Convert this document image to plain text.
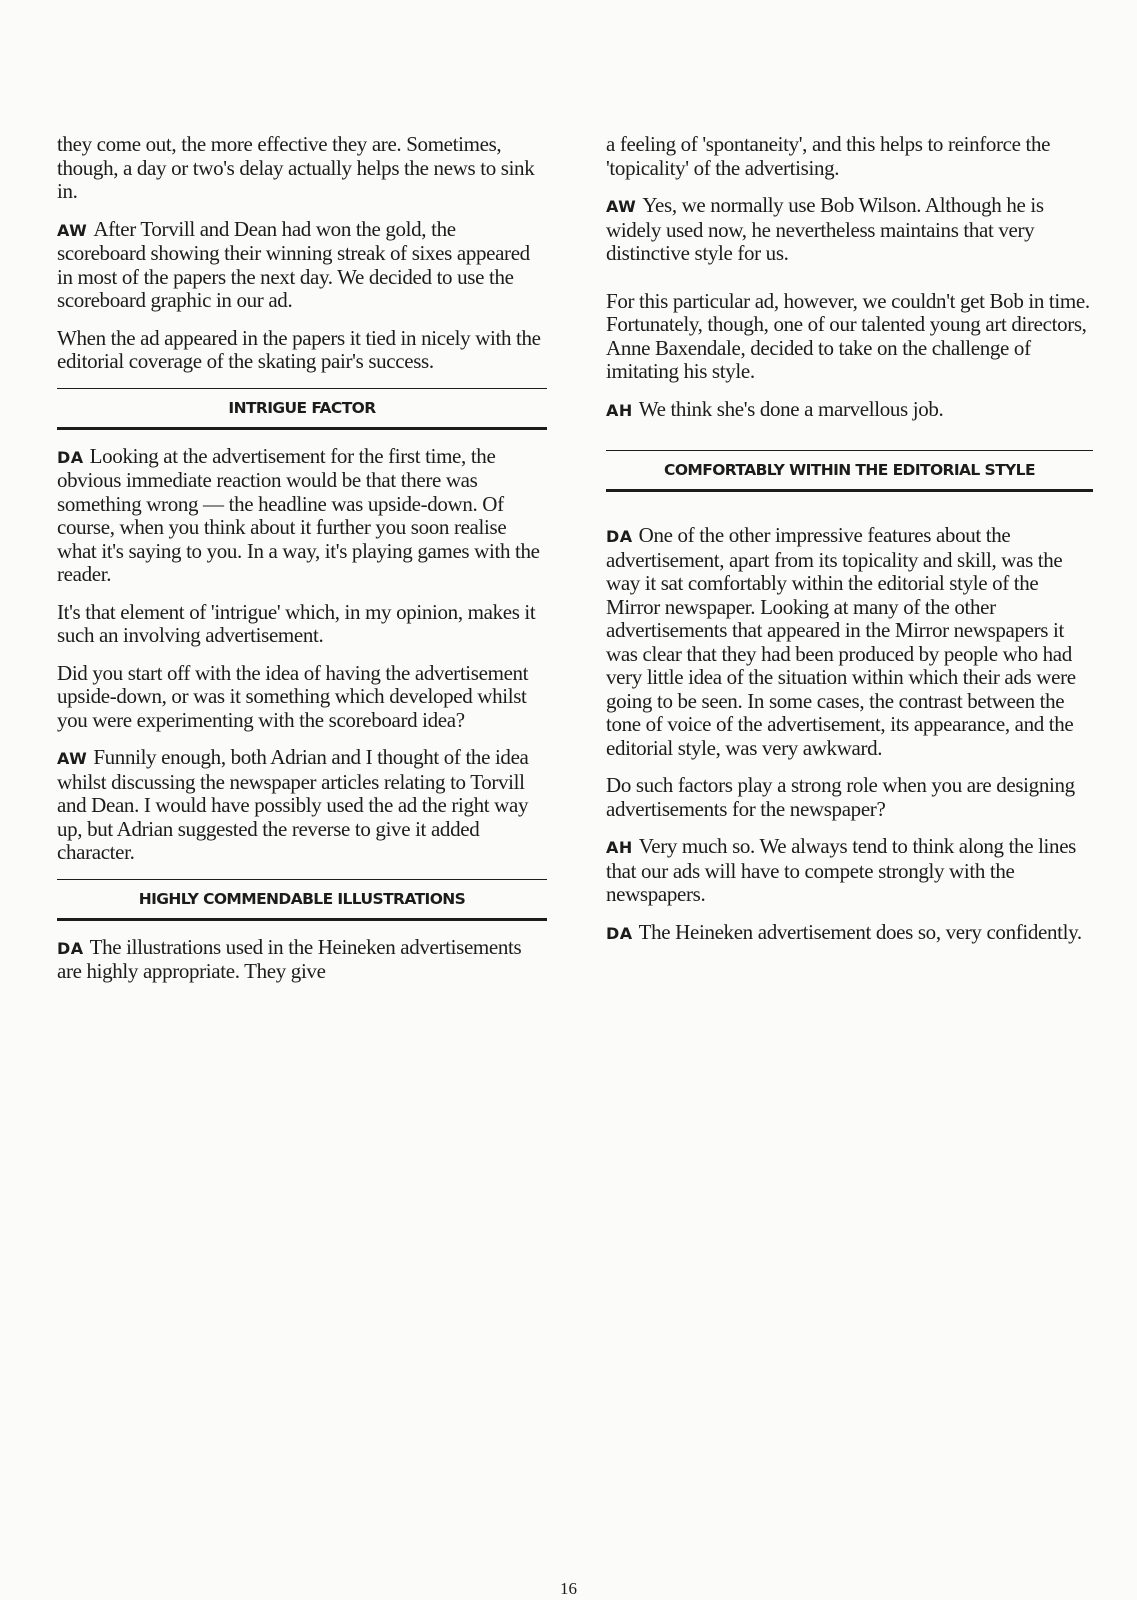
they come out, the more effective they are. Sometimes, though, a day or two's delay actually helps the news to sink in.

AW After Torvill and Dean had won the gold, the scoreboard showing their winning streak of sixes appeared in most of the papers the next day. We decided to use the scoreboard graphic in our ad.

When the ad appeared in the papers it tied in nicely with the editorial coverage of the skating pair's success.

INTRIGUE FACTOR

DA Looking at the advertisement for the first time, the obvious immediate reaction would be that there was something wrong — the headline was upside-down. Of course, when you think about it further you soon realise what it's saying to you. In a way, it's playing games with the reader.

It's that element of 'intrigue' which, in my opinion, makes it such an involving advertisement.

Did you start off with the idea of having the advertisement upside-down, or was it something which developed whilst you were experimenting with the scoreboard idea?

AW Funnily enough, both Adrian and I thought of the idea whilst discussing the newspaper articles relating to Torvill and Dean. I would have possibly used the ad the right way up, but Adrian suggested the reverse to give it added character.

HIGHLY COMMENDABLE ILLUSTRATIONS

DA The illustrations used in the Heineken advertisements are highly appropriate. They give

a feeling of 'spontaneity', and this helps to reinforce the 'topicality' of the advertising.

AW Yes, we normally use Bob Wilson. Although he is widely used now, he nevertheless maintains that very distinctive style for us.

For this particular ad, however, we couldn't get Bob in time. Fortunately, though, one of our talented young art directors, Anne Baxendale, decided to take on the challenge of imitating his style.

AH We think she's done a marvellous job.

COMFORTABLY WITHIN THE EDITORIAL STYLE

DA One of the other impressive features about the advertisement, apart from its topicality and skill, was the way it sat comfortably within the editorial style of the Mirror newspaper. Looking at many of the other advertisements that appeared in the Mirror newspapers it was clear that they had been produced by people who had very little idea of the situation within which their ads were going to be seen. In some cases, the contrast between the tone of voice of the advertisement, its appearance, and the editorial style, was very awkward.

Do such factors play a strong role when you are designing advertisements for the newspaper?

AH Very much so. We always tend to think along the lines that our ads will have to compete strongly with the newspapers.

DA The Heineken advertisement does so, very confidently.

16
